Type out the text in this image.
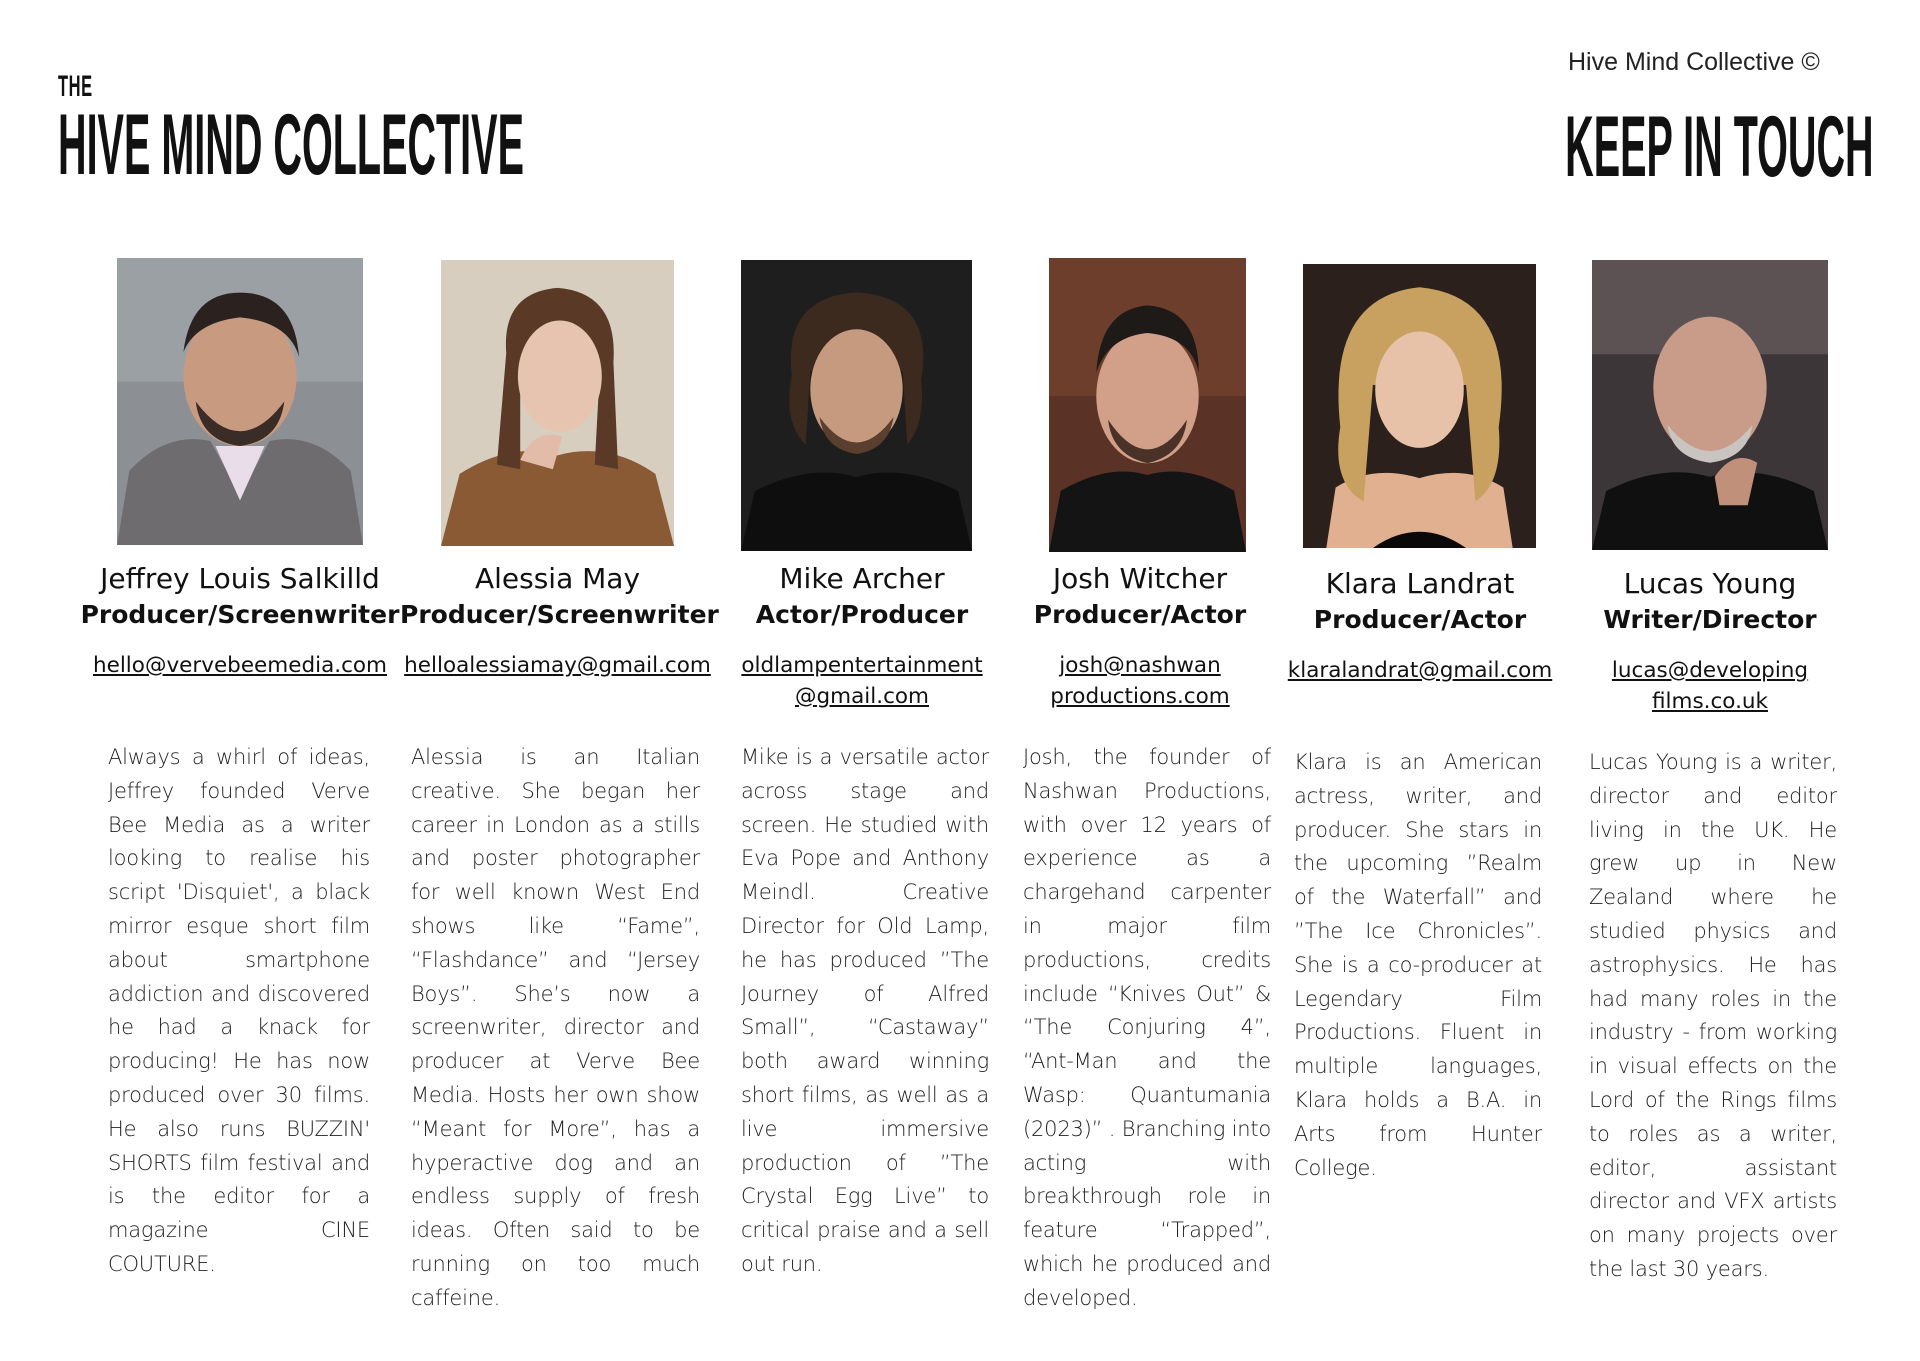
THE
HIVE MIND COLLECTIVE
Hive Mind Collective ©
KEEP IN TOUCH
Jeffrey Louis Salkilld
Producer/Screenwriter
hello@vervebeemedia.com
Always a whirl of ideas, Jeffrey founded Verve Bee Media as a writer looking to realise his script 'Disquiet', a black mirror esque short film about smartphone addiction and discovered he had a knack for producing! He has now produced over 30 films. He also runs BUZZIN' SHORTS film festival and is the editor for a magazine CINE COUTURE.
Alessia May
Producer/Screenwriter
helloalessiamay@gmail.com
Alessia is an Italian creative. She began her career in London as a stills and poster photographer for well known West End shows like “Fame”, “Flashdance” and “Jersey Boys”. She’s now a screenwriter, director and producer at Verve Bee Media. Hosts her own show “Meant for More”, has a hyperactive dog and an endless supply of fresh ideas. Often said to be running on too much caffeine.
Mike Archer
Actor/Producer
oldlampentertainment @gmail.com
Mike is a versatile actor across stage and screen. He studied with Eva Pope and Anthony Meindl. Creative Director for Old Lamp, he has produced ”The Journey of Alfred Small”, “Castaway” both award winning short films, as well as a live immersive production of ”The Crystal Egg Live” to critical praise and a sell out run.
Josh Witcher
Producer/Actor
josh@nashwan productions.com
Josh, the founder of Nashwan Productions, with over 12 years of experience as a chargehand carpenter in major film productions, credits include “Knives Out” & “The Conjuring 4”, “Ant-Man and the Wasp: Quantumania (2023)” . Branching into acting with breakthrough role in feature “Trapped”, which he produced and developed.
Klara Landrat
Producer/Actor
klaralandrat@gmail.com
Klara is an American actress, writer, and producer. She stars in the upcoming ”Realm of the Waterfall” and ”The Ice Chronicles”. She is a co-producer at Legendary Film Productions. Fluent in multiple languages, Klara holds a B.A. in Arts from Hunter College.
Lucas Young
Writer/Director
lucas@developing films.co.uk
Lucas Young is a writer, director and editor living in the UK. He grew up in New Zealand where he studied physics and astrophysics. He has had many roles in the industry - from working in visual effects on the Lord of the Rings films to roles as a writer, editor, assistant director and VFX artists on many projects over the last 30 years.
